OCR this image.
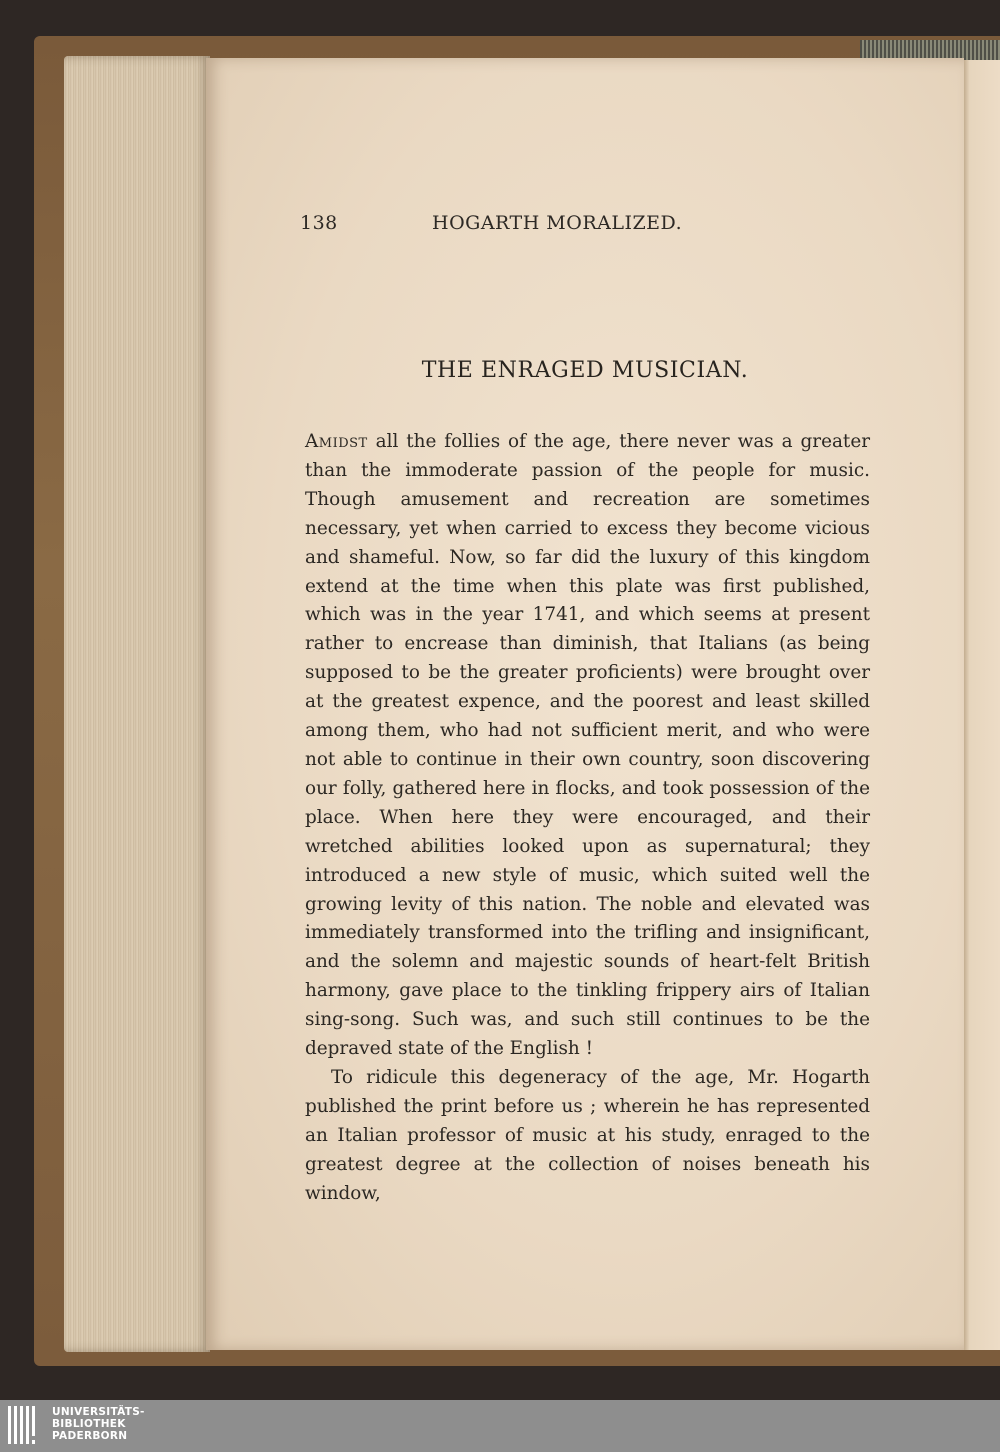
138	HOGARTH MORALIZED.
THE ENRAGED MUSICIAN.

Amidst all the follies of the age, there never was a greater than the immoderate passion of the people for music. Though amusement and recreation are sometimes necessary, yet when carried to excess they become vicious and shameful. Now, so far did the luxury of this kingdom extend at the time when this plate was first published, which was in the year 1741, and which seems at present rather to encrease than diminish, that Italians (as being supposed to be the greater proficients) were brought over at the greatest expence, and the poorest and least skilled among them, who had not sufficient merit, and who were not able to continue in their own country, soon discovering our folly, gathered here in flocks, and took possession of the place. When here they were encouraged, and their wretched abilities looked upon as supernatural; they introduced a new style of music, which suited well the growing levity of this nation. The noble and elevated was immediately transformed into the trifling and insignificant, and the solemn and majestic sounds of heart-felt British harmony, gave place to the tinkling frippery airs of Italian sing-song. Such was, and such still continues to be the depraved state of the English !

To ridicule this degeneracy of the age, Mr. Hogarth published the print before us ; wherein he has represented an Italian professor of music at his study, enraged to the greatest degree at the collection of noises beneath his window,

UNIVERSITÄTS-
BIBLIOTHEK
PADERBORN
